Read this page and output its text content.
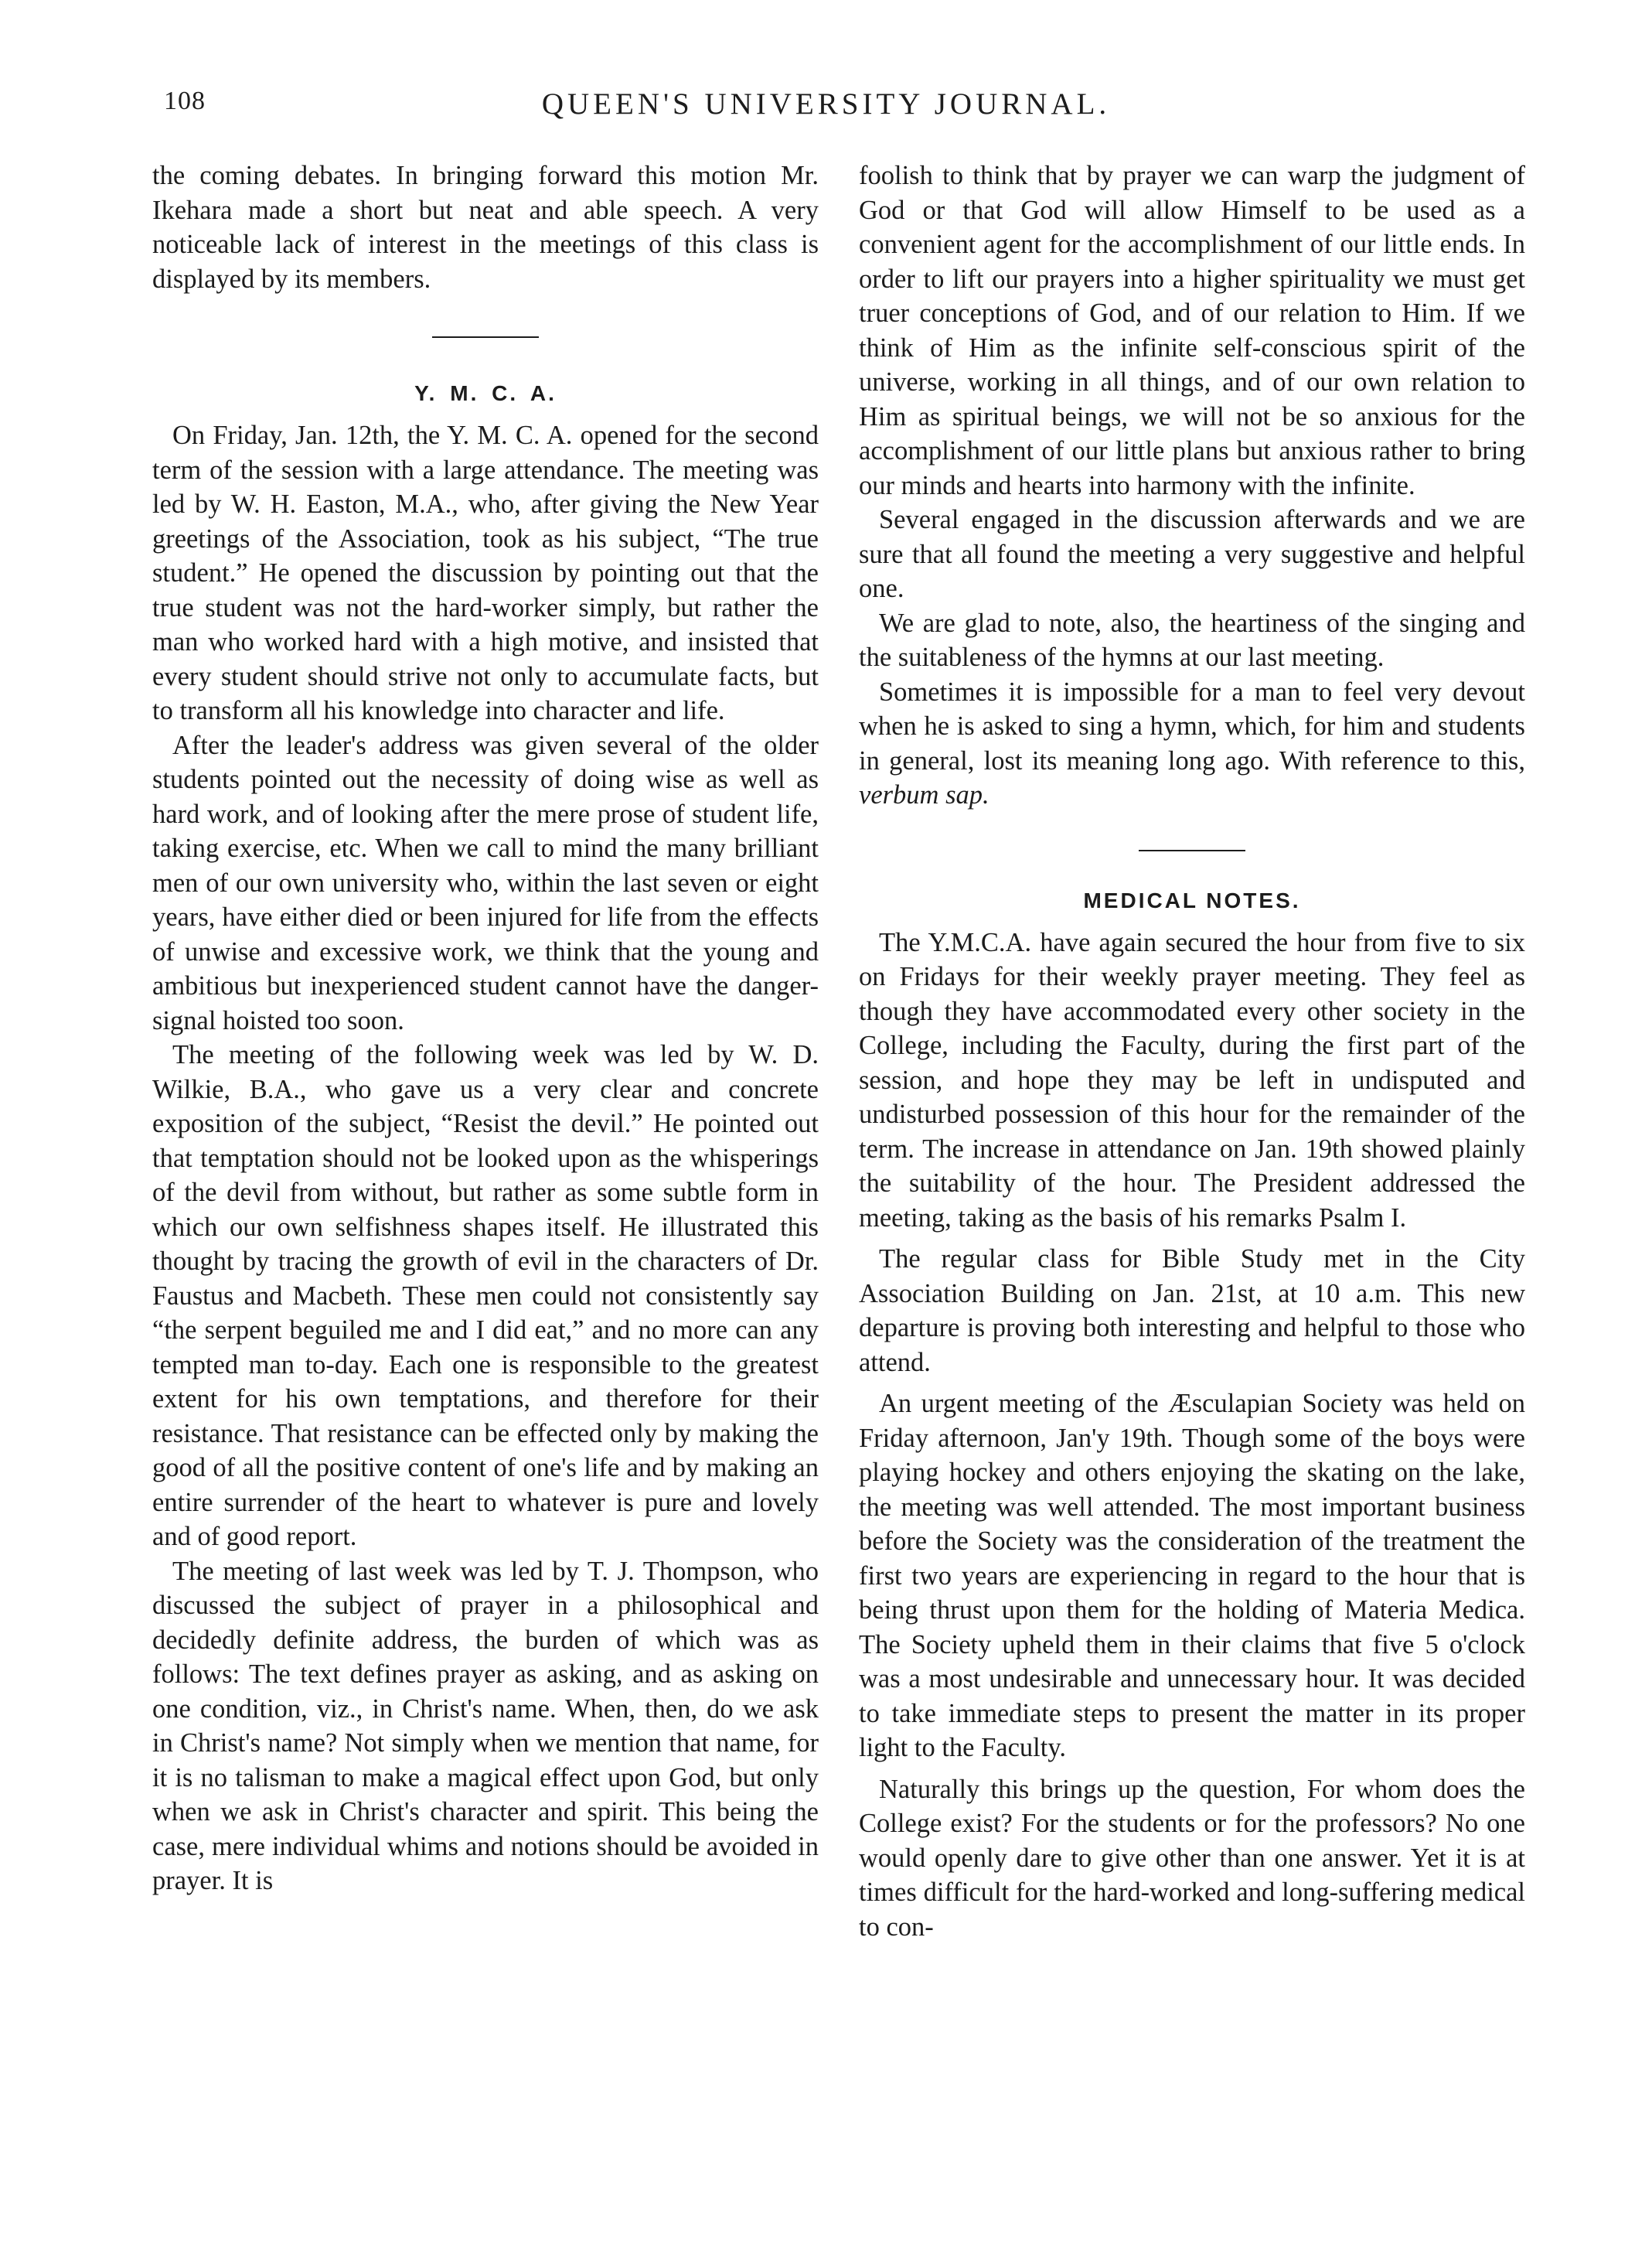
108	QUEEN'S UNIVERSITY JOURNAL.

the coming debates. In bringing forward this motion Mr. Ikehara made a short but neat and able speech. A very noticeable lack of interest in the meetings of this class is displayed by its members.

Y. M. C. A.

On Friday, Jan. 12th, the Y. M. C. A. opened for the second term of the session with a large attendance. The meeting was led by W. H. Easton, M.A., who, after giving the New Year greetings of the Association, took as his subject, “The true student.” He opened the discussion by pointing out that the true student was not the hard-worker simply, but rather the man who worked hard with a high motive, and insisted that every student should strive not only to accumulate facts, but to transform all his knowledge into character and life.

After the leader's address was given several of the older students pointed out the necessity of doing wise as well as hard work, and of looking after the mere prose of student life, taking exercise, etc. When we call to mind the many brilliant men of our own university who, within the last seven or eight years, have either died or been injured for life from the effects of unwise and excessive work, we think that the young and ambitious but inexperienced student cannot have the danger-signal hoisted too soon.

The meeting of the following week was led by W. D. Wilkie, B.A., who gave us a very clear and concrete exposition of the subject, “Resist the devil.” He pointed out that temptation should not be looked upon as the whisperings of the devil from without, but rather as some subtle form in which our own selfishness shapes itself. He illustrated this thought by tracing the growth of evil in the characters of Dr. Faustus and Macbeth. These men could not consistently say “the serpent beguiled me and I did eat,” and no more can any tempted man to-day. Each one is responsible to the greatest extent for his own temptations, and therefore for their resistance. That resistance can be effected only by making the good of all the positive content of one's life and by making an entire surrender of the heart to whatever is pure and lovely and of good report.

The meeting of last week was led by T. J. Thompson, who discussed the subject of prayer in a philosophical and decidedly definite address, the burden of which was as follows: The text defines prayer as asking, and as asking on one condition, viz., in Christ's name. When, then, do we ask in Christ's name? Not simply when we mention that name, for it is no talisman to make a magical effect upon God, but only when we ask in Christ's character and spirit. This being the case, mere individual whims and notions should be avoided in prayer. It is

foolish to think that by prayer we can warp the judgment of God or that God will allow Himself to be used as a convenient agent for the accomplishment of our little ends. In order to lift our prayers into a higher spirituality we must get truer conceptions of God, and of our relation to Him. If we think of Him as the infinite self-conscious spirit of the universe, working in all things, and of our own relation to Him as spiritual beings, we will not be so anxious for the accomplishment of our little plans but anxious rather to bring our minds and hearts into harmony with the infinite.

Several engaged in the discussion afterwards and we are sure that all found the meeting a very suggestive and helpful one.

We are glad to note, also, the heartiness of the singing and the suitableness of the hymns at our last meeting.

Sometimes it is impossible for a man to feel very devout when he is asked to sing a hymn, which, for him and students in general, lost its meaning long ago. With reference to this, verbum sap.

MEDICAL NOTES.

The Y.M.C.A. have again secured the hour from five to six on Fridays for their weekly prayer meeting. They feel as though they have accommodated every other society in the College, including the Faculty, during the first part of the session, and hope they may be left in undisputed and undisturbed possession of this hour for the remainder of the term. The increase in attendance on Jan. 19th showed plainly the suitability of the hour. The President addressed the meeting, taking as the basis of his remarks Psalm I.

The regular class for Bible Study met in the City Association Building on Jan. 21st, at 10 a.m. This new departure is proving both interesting and helpful to those who attend.

An urgent meeting of the Æsculapian Society was held on Friday afternoon, Jan'y 19th. Though some of the boys were playing hockey and others enjoying the skating on the lake, the meeting was well attended. The most important business before the Society was the consideration of the treatment the first two years are experiencing in regard to the hour that is being thrust upon them for the holding of Materia Medica. The Society upheld them in their claims that five 5 o'clock was a most undesirable and unnecessary hour. It was decided to take immediate steps to present the matter in its proper light to the Faculty.

Naturally this brings up the question, For whom does the College exist? For the students or for the professors? No one would openly dare to give other than one answer. Yet it is at times difficult for the hard-worked and long-suffering medical to con-
